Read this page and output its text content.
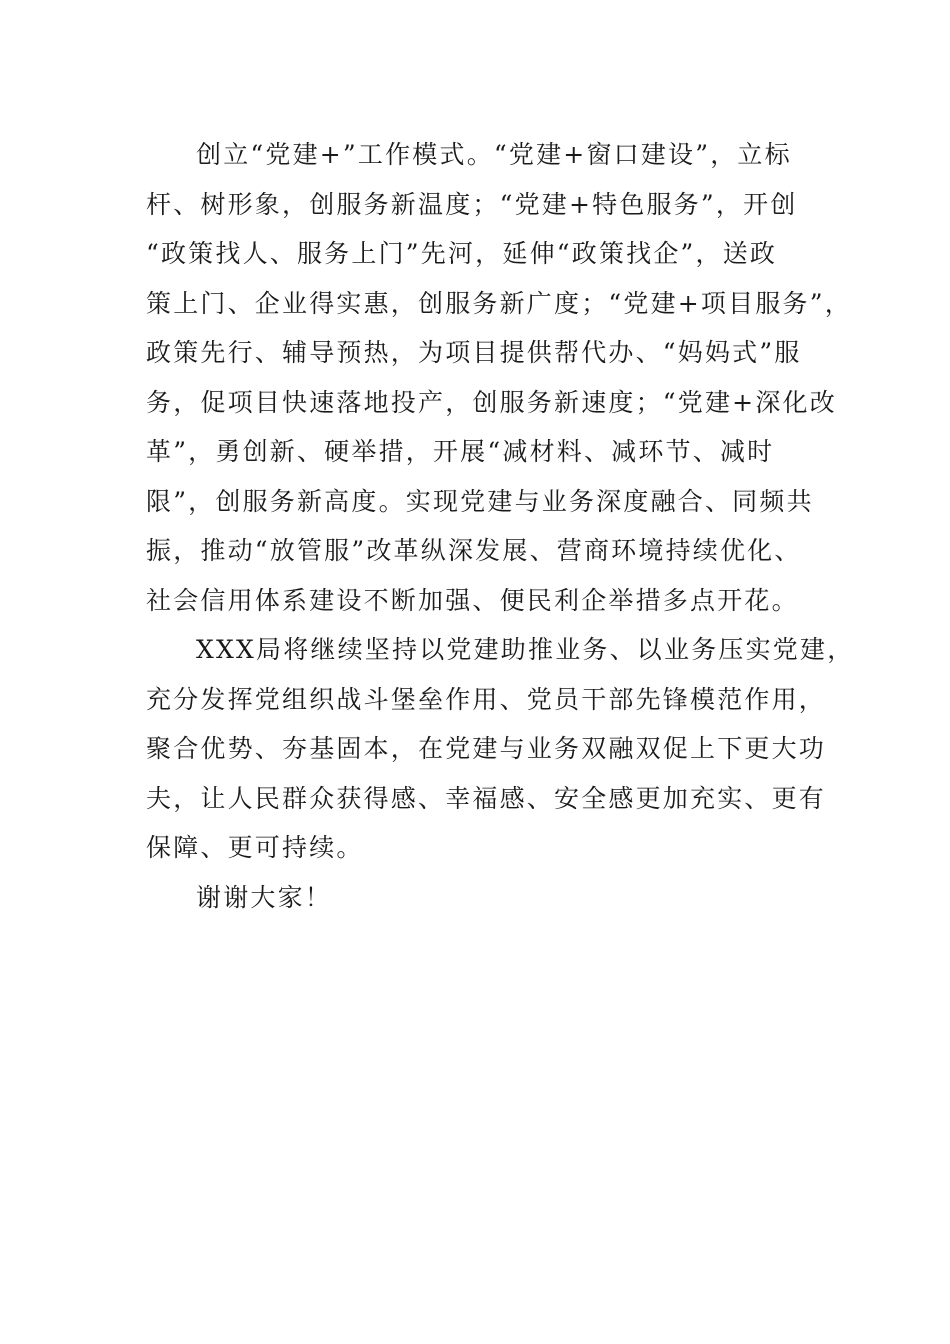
创立“党建+”工作模式。“党建+窗口建设”，立标
杆、树形象，创服务新温度；“党建+特色服务”，开创
“政策找人、服务上门”先河，延伸“政策找企”，送政
策上门、企业得实惠，创服务新广度；“党建+项目服务”，
政策先行、辅导预热，为项目提供帮代办、“妈妈式”服
务，促项目快速落地投产，创服务新速度；“党建+深化改
革”，勇创新、硬举措，开展“减材料、减环节、减时
限”，创服务新高度。实现党建与业务深度融合、同频共
振，推动“放管服”改革纵深发展、营商环境持续优化、
社会信用体系建设不断加强、便民利企举措多点开花。
XXX局将继续坚持以党建助推业务、以业务压实党建，
充分发挥党组织战斗堡垒作用、党员干部先锋模范作用，
聚合优势、夯基固本，在党建与业务双融双促上下更大功
夫，让人民群众获得感、幸福感、安全感更加充实、更有
保障、更可持续。
谢谢大家！
